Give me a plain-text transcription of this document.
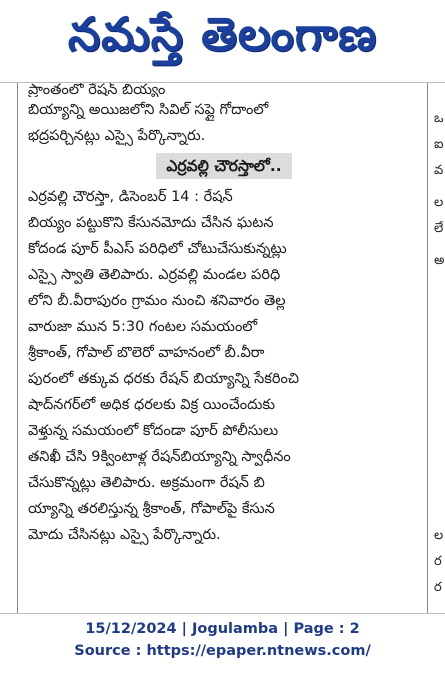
నమస్తే తెలంగాణ
ప్రాంతంలో రేషన్ బియ్యం
బియ్యాన్ని అయిజలోని సివిల్ సప్లై గోదాంలో
భద్రపర్చినట్లు ఎస్సై పేర్కొన్నారు.
ఎర్రవల్లి చౌరస్తాలో..
ఎర్రవల్లి చౌరస్తా, డిసెంబర్ 14 : రేషన్
బియ్యం పట్టుకొని కేసునమోదు చేసిన ఘటన
కోదండ పూర్ పీఎస్ పరిధిలో చోటుచేసుకున్నట్లు
ఎస్సై స్వాతి తెలిపారు. ఎర్రవల్లి మండల పరిధి
లోని బీ.వీరాపురం గ్రామం నుంచి శనివారం తెల్ల
వారుజా మున 5:30 గంటల సమయంలో
శ్రీకాంత్, గోపాల్ బొలెరో వాహనంలో బీ.వీరా
పురంలో తక్కువ ధరకు రేషన్ బియ్యాన్ని సేకరించి
షాద్‌నగర్‌లో అధిక ధరలకు విక్ర యించేందుకు
వెళ్తున్న సమయంలో కోదండా పూర్ పోలీసులు
తనిఖీ చేసి 9క్వింటాళ్ల రేషన్‌బియ్యాన్ని స్వాధీనం
చేసుకొన్నట్లు తెలిపారు. అక్రమంగా రేషన్ బి
య్యాన్ని తరలిస్తున్న శ్రీకాంత్, గోపాల్‌పై కేసున
మోదు చేసినట్లు ఎస్సై పేర్కొన్నారు.
ఒ
ఐ
వ
ల
లే
అ
ల
ర
ర
15/12/2024 | Jogulamba | Page : 2
Source : https://epaper.ntnews.com/
